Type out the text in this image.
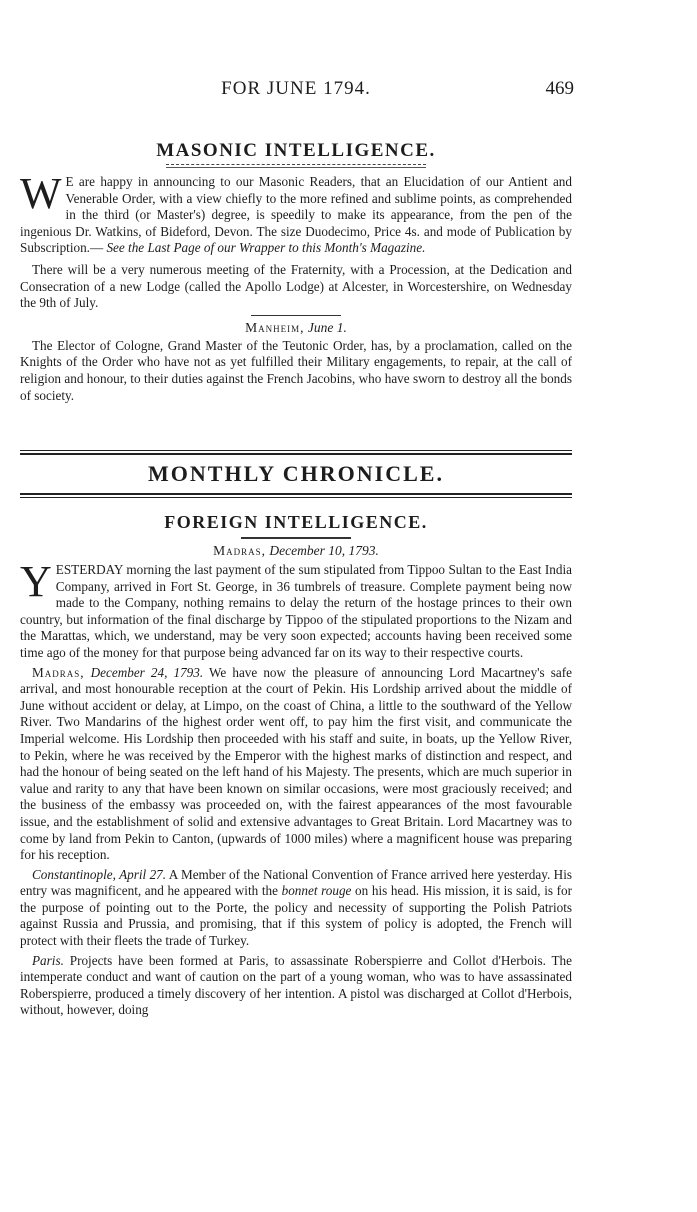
FOR JUNE 1794.	469
MASONIC INTELLIGENCE.

W E are happy in announcing to our Masonic Readers, that an Elucidation of our Antient and Venerable Order, with a view chiefly to the more refined and sublime points, as comprehended in the third (or Master's) degree, is speedily to make its appearance, from the pen of the ingenious Dr. Watkins, of Bideford, Devon. The size Duodecimo, Price 4s. and mode of Publication by Subscription.— See the Last Page of our Wrapper to this Month's Magazine.

There will be a very numerous meeting of the Fraternity, with a Procession, at the Dedication and Consecration of a new Lodge (called the Apollo Lodge) at Alcester, in Worcestershire, on Wednesday the 9th of July.

Manheim, June 1.

The Elector of Cologne, Grand Master of the Teutonic Order, has, by a proclamation, called on the Knights of the Order who have not as yet fulfilled their Military engagements, to repair, at the call of religion and honour, to their duties against the French Jacobins, who have sworn to destroy all the bonds of society.

MONTHLY CHRONICLE.
FOREIGN INTELLIGENCE.

Madras, December 10, 1793.

YESTERDAY morning the last payment of the sum stipulated from Tippoo Sultan to the East India Company, arrived in Fort St. George, in 36 tumbrels of treasure. Complete payment being now made to the Company, nothing remains to delay the return of the hostage princes to their own country, but information of the final discharge by Tippoo of the stipulated proportions to the Nizam and the Marattas, which, we understand, may be very soon expected; accounts having been received some time ago of the money for that purpose being advanced far on its way to their respective courts.

Madras, December 24, 1793. We have now the pleasure of announcing Lord Macartney's safe arrival, and most honourable reception at the court of Pekin. His Lordship arrived about the middle of June without accident or delay, at Limpo, on the coast of China, a little to the southward of the Yellow River. Two Mandarins of the highest order went off, to pay him the first visit, and communicate the Imperial welcome. His Lordship then proceeded with his staff and suite, in boats, up the Yellow River, to Pekin, where he was received by the Emperor with the highest marks of distinction and respect, and had the honour of being seated on the left hand of his Majesty. The presents, which are much superior in value and rarity to any that have been known on similar occasions, were most graciously received; and the business of the embassy was proceeded on, with the fairest appearances of the most favourable issue, and the establishment of solid and extensive advantages to Great Britain. Lord Macartney was to come by land from Pekin to Canton, (upwards of 1000 miles) where a magnificent house was preparing for his reception.

Constantinople, April 27. A Member of the National Convention of France arrived here yesterday. His entry was magnificent, and he appeared with the bonnet rouge on his head. His mission, it is said, is for the purpose of pointing out to the Porte, the policy and necessity of supporting the Polish Patriots against Russia and Prussia, and promising, that if this system of policy is adopted, the French will protect with their fleets the trade of Turkey.

Paris. Projects have been formed at Paris, to assassinate Roberspierre and Collot d'Herbois. The intemperate conduct and want of caution on the part of a young woman, who was to have assassinated Roberspierre, produced a timely discovery of her intention. A pistol was discharged at Collot d'Herbois, without, however, doing
